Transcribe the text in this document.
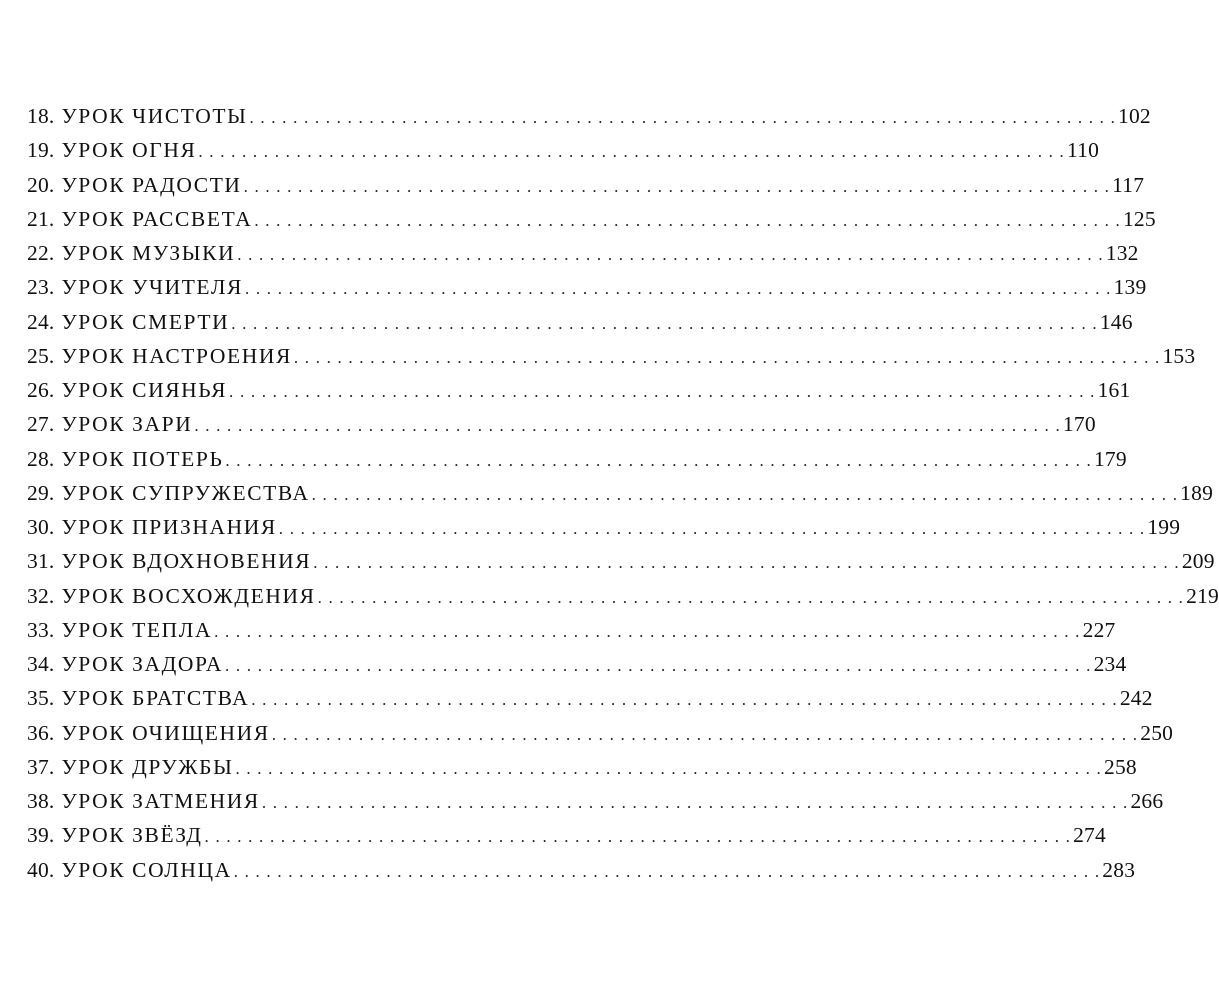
18. УРОК ЧИСТОТЫ . . . . . . . . . . . . . . . . . . . . . . . . . . . . . . . . . . . . . . . . . . . . . . . . . . . . . . . . . . . . . . . . . . . . . . . . . . . . . . . . 102
19. УРОК ОГНЯ . . . . . . . . . . . . . . . . . . . . . . . . . . . . . . . . . . . . . . . . . . . . . . . . . . . . . . . . . . . . . . . . . . . . . . . . . . . . . . . . 110
20. УРОК РАДОСТИ . . . . . . . . . . . . . . . . . . . . . . . . . . . . . . . . . . . . . . . . . . . . . . . . . . . . . . . . . . . . . . . . . . . . . . . . . . . . . . . . 117
21. УРОК РАССВЕТА . . . . . . . . . . . . . . . . . . . . . . . . . . . . . . . . . . . . . . . . . . . . . . . . . . . . . . . . . . . . . . . . . . . . . . . . . . . . . . . . 125
22. УРОК МУЗЫКИ . . . . . . . . . . . . . . . . . . . . . . . . . . . . . . . . . . . . . . . . . . . . . . . . . . . . . . . . . . . . . . . . . . . . . . . . . . . . . . . . 132
23. УРОК УЧИТЕЛЯ . . . . . . . . . . . . . . . . . . . . . . . . . . . . . . . . . . . . . . . . . . . . . . . . . . . . . . . . . . . . . . . . . . . . . . . . . . . . . . . . 139
24. УРОК СМЕРТИ . . . . . . . . . . . . . . . . . . . . . . . . . . . . . . . . . . . . . . . . . . . . . . . . . . . . . . . . . . . . . . . . . . . . . . . . . . . . . . . . 146
25. УРОК НАСТРОЕНИЯ . . . . . . . . . . . . . . . . . . . . . . . . . . . . . . . . . . . . . . . . . . . . . . . . . . . . . . . . . . . . . . . . . . . . . . . . . . . . . . . . 153
26. УРОК СИЯНЬЯ . . . . . . . . . . . . . . . . . . . . . . . . . . . . . . . . . . . . . . . . . . . . . . . . . . . . . . . . . . . . . . . . . . . . . . . . . . . . . . . . 161
27. УРОК ЗАРИ . . . . . . . . . . . . . . . . . . . . . . . . . . . . . . . . . . . . . . . . . . . . . . . . . . . . . . . . . . . . . . . . . . . . . . . . . . . . . . . . 170
28. УРОК ПОТЕРЬ . . . . . . . . . . . . . . . . . . . . . . . . . . . . . . . . . . . . . . . . . . . . . . . . . . . . . . . . . . . . . . . . . . . . . . . . . . . . . . . . 179
29. УРОК СУПРУЖЕСТВА . . . . . . . . . . . . . . . . . . . . . . . . . . . . . . . . . . . . . . . . . . . . . . . . . . . . . . . . . . . . . . . . . . . . . . . . . . . . . . . . 189
30. УРОК ПРИЗНАНИЯ . . . . . . . . . . . . . . . . . . . . . . . . . . . . . . . . . . . . . . . . . . . . . . . . . . . . . . . . . . . . . . . . . . . . . . . . . . . . . . . . 199
31. УРОК ВДОХНОВЕНИЯ . . . . . . . . . . . . . . . . . . . . . . . . . . . . . . . . . . . . . . . . . . . . . . . . . . . . . . . . . . . . . . . . . . . . . . . . . . . . . . . . 209
32. УРОК ВОСХОЖДЕНИЯ . . . . . . . . . . . . . . . . . . . . . . . . . . . . . . . . . . . . . . . . . . . . . . . . . . . . . . . . . . . . . . . . . . . . . . . . . . . . . . . . 219
33. УРОК ТЕПЛА . . . . . . . . . . . . . . . . . . . . . . . . . . . . . . . . . . . . . . . . . . . . . . . . . . . . . . . . . . . . . . . . . . . . . . . . . . . . . . . . 227
34. УРОК ЗАДОРА . . . . . . . . . . . . . . . . . . . . . . . . . . . . . . . . . . . . . . . . . . . . . . . . . . . . . . . . . . . . . . . . . . . . . . . . . . . . . . . . 234
35. УРОК БРАТСТВА . . . . . . . . . . . . . . . . . . . . . . . . . . . . . . . . . . . . . . . . . . . . . . . . . . . . . . . . . . . . . . . . . . . . . . . . . . . . . . . . 242
36. УРОК ОЧИЩЕНИЯ . . . . . . . . . . . . . . . . . . . . . . . . . . . . . . . . . . . . . . . . . . . . . . . . . . . . . . . . . . . . . . . . . . . . . . . . . . . . . . . . 250
37. УРОК ДРУЖБЫ . . . . . . . . . . . . . . . . . . . . . . . . . . . . . . . . . . . . . . . . . . . . . . . . . . . . . . . . . . . . . . . . . . . . . . . . . . . . . . . . 258
38. УРОК ЗАТМЕНИЯ . . . . . . . . . . . . . . . . . . . . . . . . . . . . . . . . . . . . . . . . . . . . . . . . . . . . . . . . . . . . . . . . . . . . . . . . . . . . . . . . 266
39. УРОК ЗВЁЗД . . . . . . . . . . . . . . . . . . . . . . . . . . . . . . . . . . . . . . . . . . . . . . . . . . . . . . . . . . . . . . . . . . . . . . . . . . . . . . . . 274
40. УРОК СОЛНЦА . . . . . . . . . . . . . . . . . . . . . . . . . . . . . . . . . . . . . . . . . . . . . . . . . . . . . . . . . . . . . . . . . . . . . . . . . . . . . . . . 283
